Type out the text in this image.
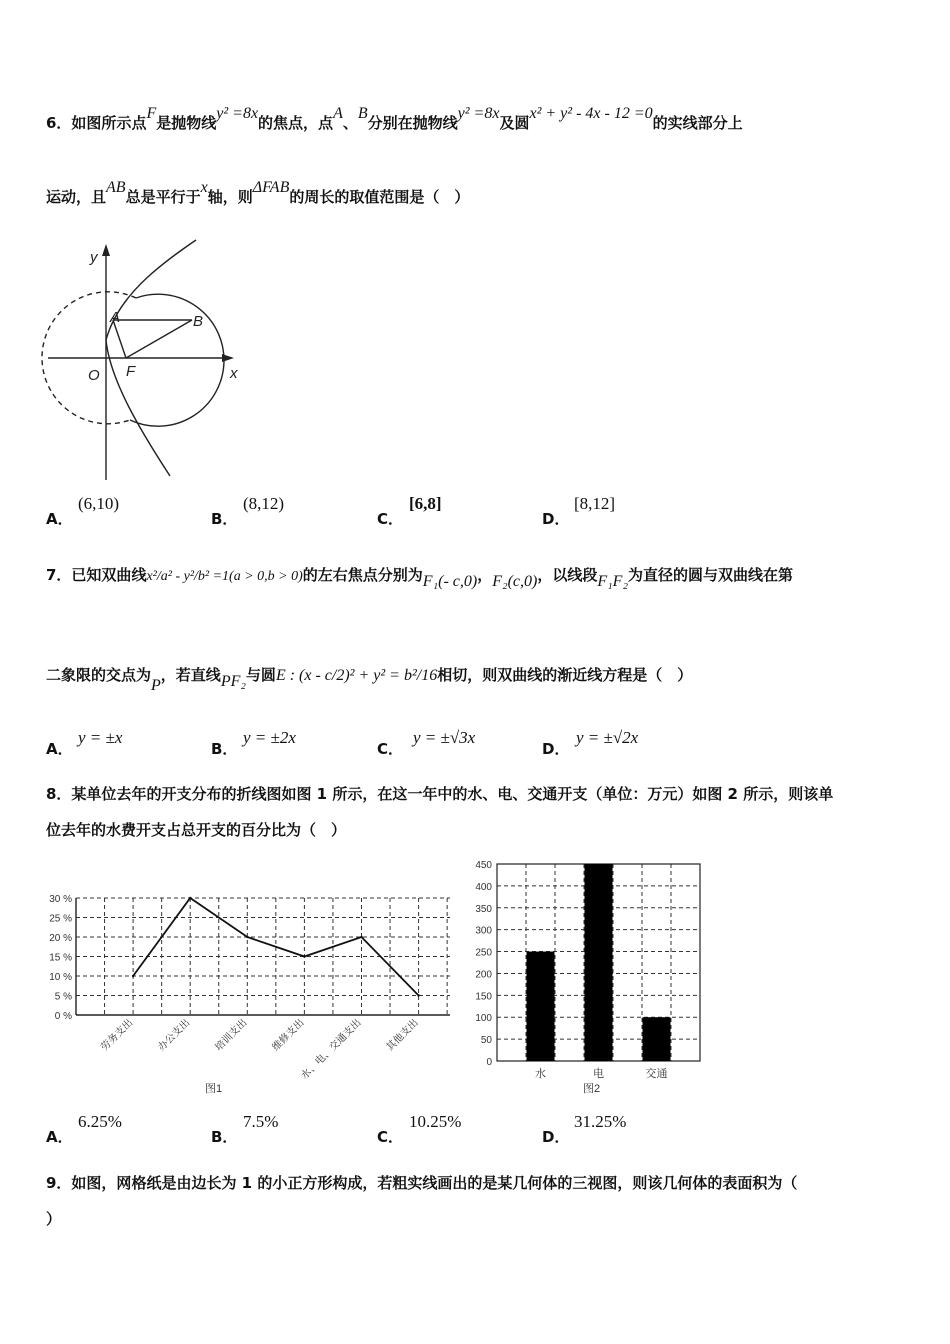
6．如图所示点F是抛物线y² =8x的焦点，点A、B分别在抛物线y² =8x及圆x² + y² - 4x - 12 =0的实线部分上
运动，且AB总是平行于x轴，则ΔFAB的周长的取值范围是（　）
y
x
O F
A	B
A．
(6,10)
B．
(8,12)
C．
[6,8]
D．
[8,12]
7．已知双曲线x²/a² - y²/b² =1(a > 0,b > 0)的左右焦点分别为F₁(- c,0)，F₂(c,0)，以线段F₁F₂为直径的圆与双曲线在第
二象限的交点为P，若直线PF₂与圆E : (x - c/2)² + y² = b²/16相切，则双曲线的渐近线方程是（　）
A．
y = ±x
B．
y = ±2x
C．
y = ±√3x
D．
y = ±√2x
8．某单位去年的开支分布的折线图如图 1 所示，在这一年中的水、电、交通开支（单位：万元）如图 2 所示，则该单
位去年的水费开支占总开支的百分比为（　）
0 %
5 %
10 %
15 %
20 %
25 %
30 %
劳务支出 办公支出 培训支出 维修支出
水、电、交通支出 其他支出
图1
0
50
100
150
200
250
300
350
400
450
水	电	交通
图2
A．
6.25%
B．
7.5%
C．
10.25%
D．
31.25%
9．如图，网格纸是由边长为 1 的小正方形构成，若粗实线画出的是某几何体的三视图，则该几何体的表面积为（
）
